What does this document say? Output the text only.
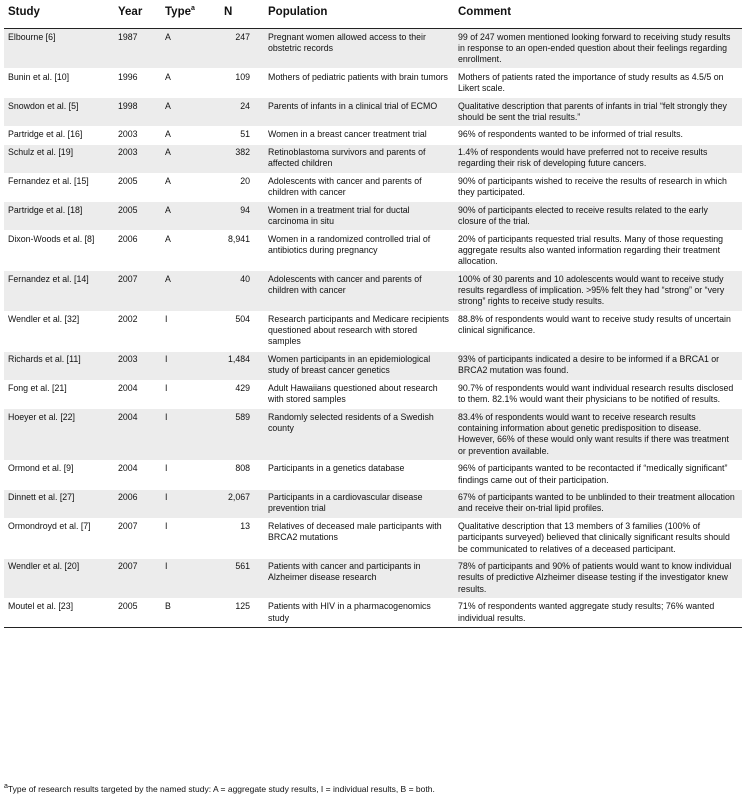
Study	Year	Type$^a$	N	Population	Comment
Elbourne [6]	1987	A	247	Pregnant women allowed access to their obstetric records	99 of 247 women mentioned looking forward to receiving study results in response to an open-ended question about their feelings regarding enrollment.
Bunin et al. [10]	1996	A	109	Mothers of pediatric patients with brain tumors	Mothers of patients rated the importance of study results as 4.5/5 on Likert scale.
Snowdon et al. [5]	1998	A	24	Parents of infants in a clinical trial of ECMO	Qualitative description that parents of infants in trial “felt strongly they should be sent the trial results.”
Partridge et al. [16]	2003	A	51	Women in a breast cancer treatment trial	96% of respondents wanted to be informed of trial results.
Schulz et al. [19]	2003	A	382	Retinoblastoma survivors and parents of affected children	1.4% of respondents would have preferred not to receive results regarding their risk of developing future cancers.
Fernandez et al. [15]	2005	A	20	Adolescents with cancer and parents of children with cancer	90% of participants wished to receive the results of research in which they participated.
Partridge et al. [18]	2005	A	94	Women in a treatment trial for ductal carcinoma in situ	90% of participants elected to receive results related to the early closure of the trial.
Dixon-Woods et al. [8]	2006	A	8,941	Women in a randomized controlled trial of antibiotics during pregnancy	20% of participants requested trial results. Many of those requesting aggregate results also wanted information regarding their treatment allocation.
Fernandez et al. [14]	2007	A	40	Adolescents with cancer and parents of children with cancer	100% of 30 parents and 10 adolescents would want to receive study results regardless of implication. >95% felt they had “strong” or “very strong” rights to receive study results.
Wendler et al. [32]	2002	I	504	Research participants and Medicare recipients questioned about research with stored samples	88.8% of respondents would want to receive study results of uncertain clinical significance.
Richards et al. [11]	2003	I	1,484	Women participants in an epidemiological study of breast cancer genetics	93% of participants indicated a desire to be informed if a BRCA1 or BRCA2 mutation was found.
Fong et al. [21]	2004	I	429	Adult Hawaiians questioned about research with stored samples	90.7% of respondents would want individual research results disclosed to them. 82.1% would want their physicians to be notified of results.
Hoeyer et al. [22]	2004	I	589	Randomly selected residents of a Swedish county	83.4% of respondents would want to receive research results containing information about genetic predisposition to disease. However, 66% of these would only want results if there was treatment or prevention available.
Ormond et al. [9]	2004	I	808	Participants in a genetics database	96% of participants wanted to be recontacted if “medically significant” findings came out of their participation.
Dinnett et al. [27]	2006	I	2,067	Participants in a cardiovascular disease prevention trial	67% of participants wanted to be unblinded to their treatment allocation and receive their on-trial lipid profiles.
Ormondroyd et al. [7]	2007	I	13	Relatives of deceased male participants with BRCA2 mutations	Qualitative description that 13 members of 3 families (100% of participants surveyed) believed that clinically significant results should be communicated to relatives of a deceased participant.
Wendler et al. [20]	2007	I	561	Patients with cancer and participants in Alzheimer disease research	78% of participants and 90% of patients would want to know individual results of predictive Alzheimer disease testing if the investigator knew results.
Moutel et al. [23]	2005	B	125	Patients with HIV in a pharmacogenomics study	71% of respondents wanted aggregate study results; 76% wanted individual results.
$^a$Type of research results targeted by the named study: A = aggregate study results, I = individual results, B = both.
